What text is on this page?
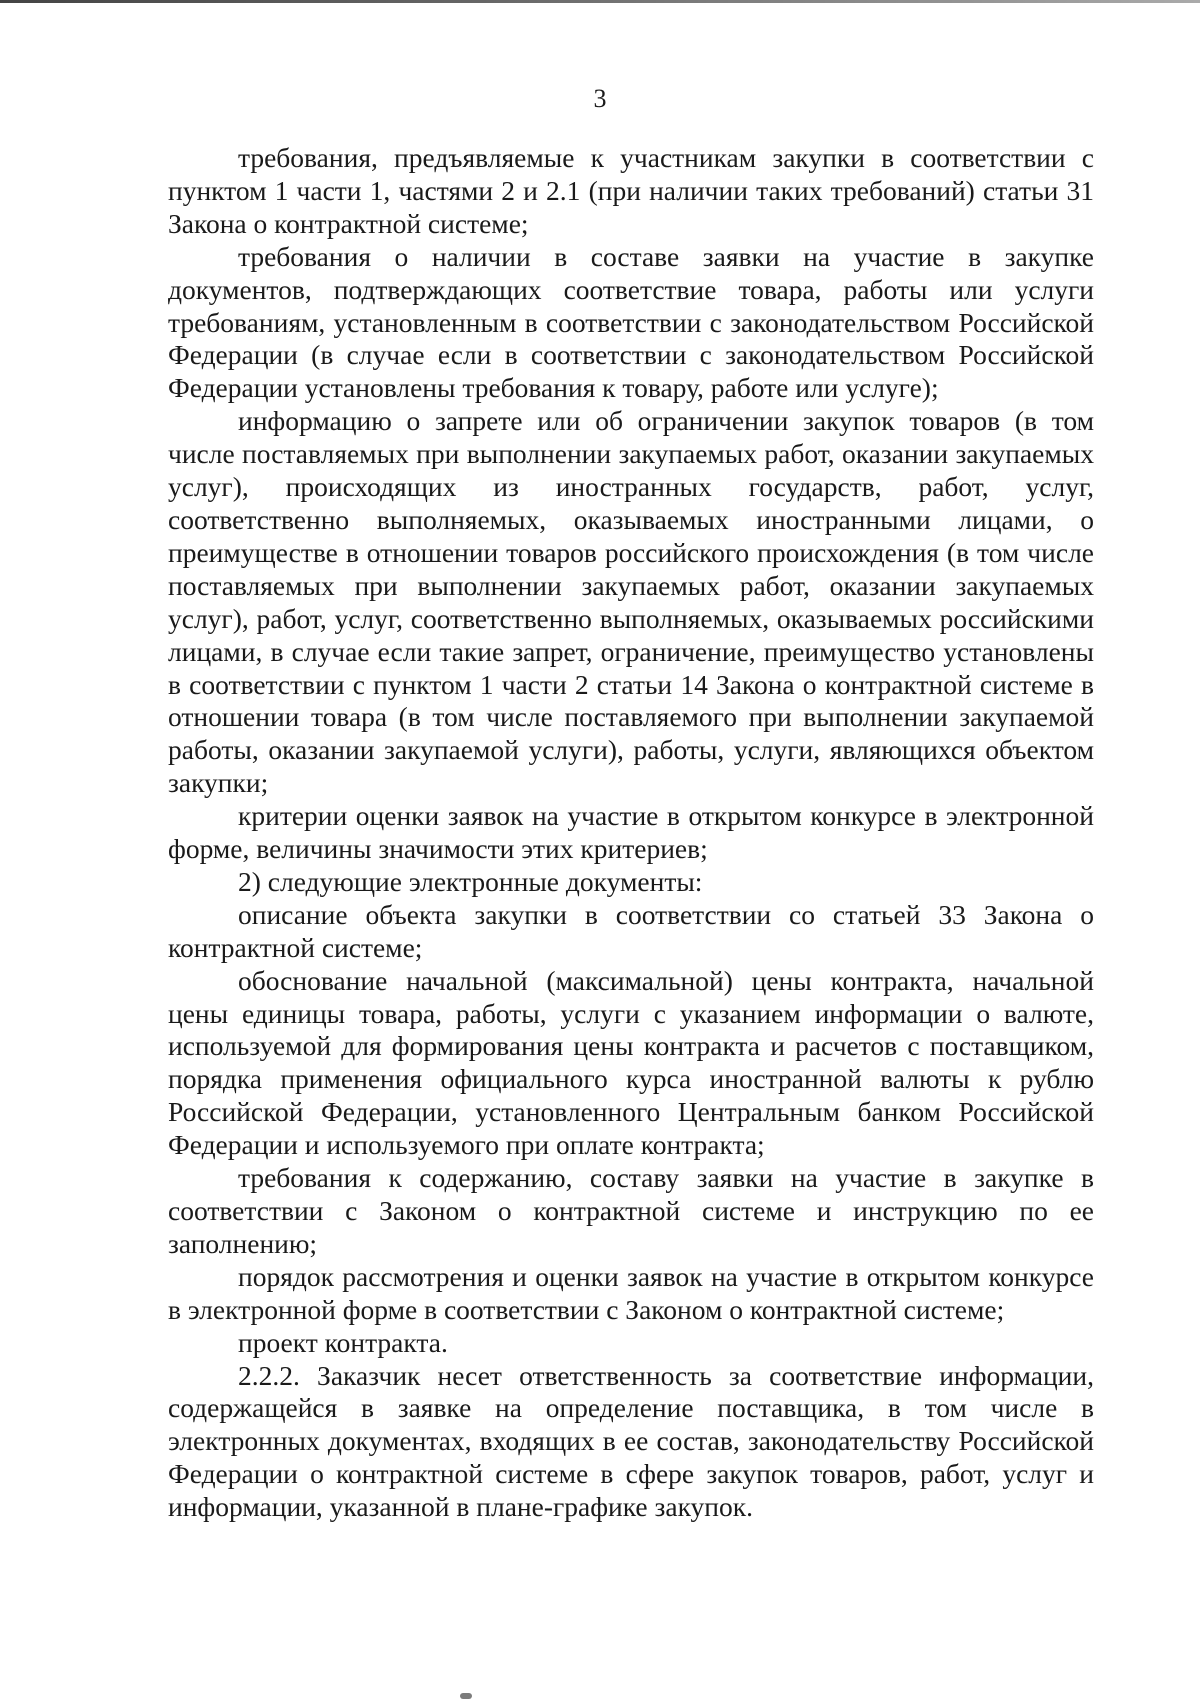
3

требования, предъявляемые к участникам закупки в соответствии с пунктом 1 части 1, частями 2 и 2.1 (при наличии таких требований) статьи 31 Закона о контрактной системе;

требования о наличии в составе заявки на участие в закупке документов, подтверждающих соответствие товара, работы или услуги требованиям, установленным в соответствии с законодательством Российской Федерации (в случае если в соответствии с законодательством Российской Федерации установлены требования к товару, работе или услуге);

информацию о запрете или об ограничении закупок товаров (в том числе поставляемых при выполнении закупаемых работ, оказании закупаемых услуг), происходящих из иностранных государств, работ, услуг, соответственно выполняемых, оказываемых иностранными лицами, о преимуществе в отношении товаров российского происхождения (в том числе поставляемых при выполнении закупаемых работ, оказании закупаемых услуг), работ, услуг, соответственно выполняемых, оказываемых российскими лицами, в случае если такие запрет, ограничение, преимущество установлены в соответствии с пунктом 1 части 2 статьи 14 Закона о контрактной системе в отношении товара (в том числе поставляемого при выполнении закупаемой работы, оказании закупаемой услуги), работы, услуги, являющихся объектом закупки;

критерии оценки заявок на участие в открытом конкурсе в электронной форме, величины значимости этих критериев;

2) следующие электронные документы:

описание объекта закупки в соответствии со статьей 33 Закона о контрактной системе;

обоснование начальной (максимальной) цены контракта, начальной цены единицы товара, работы, услуги с указанием информации о валюте, используемой для формирования цены контракта и расчетов с поставщиком, порядка применения официального курса иностранной валюты к рублю Российской Федерации, установленного Центральным банком Российской Федерации и используемого при оплате контракта;

требования к содержанию, составу заявки на участие в закупке в соответствии с Законом о контрактной системе и инструкцию по ее заполнению;

порядок рассмотрения и оценки заявок на участие в открытом конкурсе в электронной форме в соответствии с Законом о контрактной системе;

проект контракта.

2.2.2. Заказчик несет ответственность за соответствие информации, содержащейся в заявке на определение поставщика, в том числе в электронных документах, входящих в ее состав, законодательству Российской Федерации о контрактной системе в сфере закупок товаров, работ, услуг и информации, указанной в плане-графике закупок.
